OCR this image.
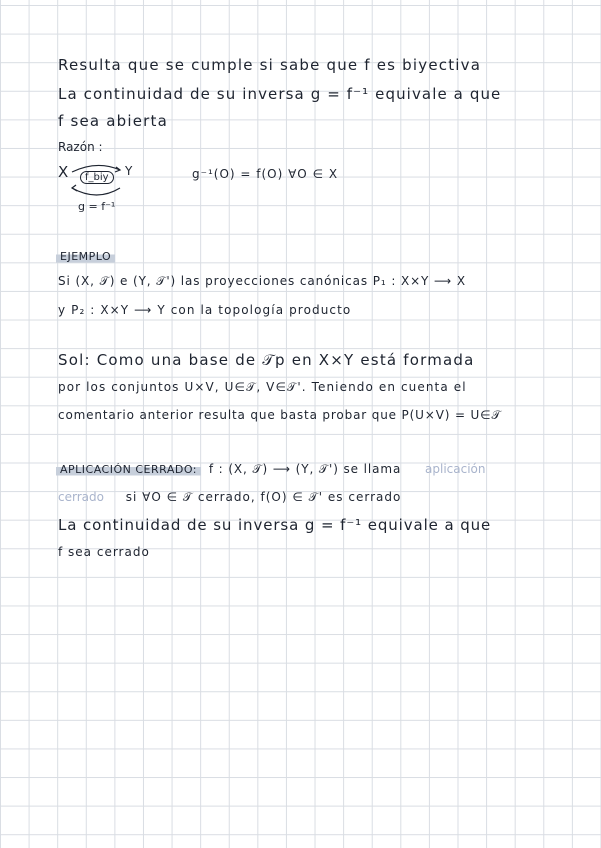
Resulta que se cumple si sabe que f es biyectiva
La continuidad de su inversa g = f⁻¹ equivale a que
f sea abierta
Razón :
X	Y
f_biy
g = f⁻¹
g⁻¹(O) = f(O) ∀O ∈ X
EJEMPLO
Si (X, 𝒯) e (Y, 𝒯') las proyecciones canónicas P₁ : X×Y ⟶ X
y P₂ : X×Y ⟶ Y con la topología producto
Sol: Como una base de 𝒯p en X×Y está formada
por los conjuntos U×V, U∈𝒯, V∈𝒯'. Teniendo en cuenta el
comentario anterior resulta que basta probar que P(U×V) = U∈𝒯
APLICACIÓN CERRADO: f : (X, 𝒯) ⟶ (Y, 𝒯') se llama aplicación
cerrado si ∀O ∈ 𝒯 cerrado, f(O) ∈ 𝒯' es cerrado
La continuidad de su inversa g = f⁻¹ equivale a que
f sea cerrado
